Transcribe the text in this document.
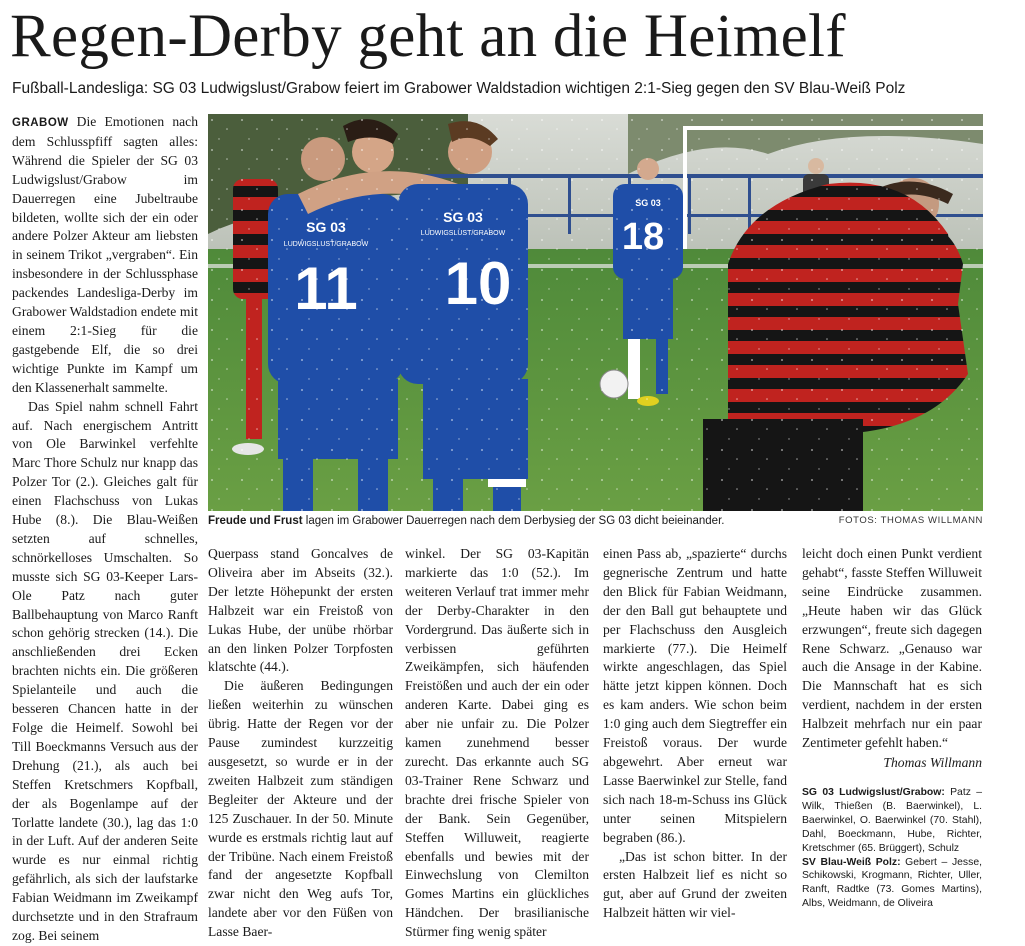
Regen-Derby geht an die Heimelf
Fußball-Landesliga: SG 03 Ludwigslust/Grabow feiert im Grabower Waldstadion wichtigen 2:1-Sieg gegen den SV Blau-Weiß Polz

GRABOW Die Emotionen nach dem Schlusspfiff sagten alles: Während die Spieler der SG 03 Ludwigslust/Grabow im Dauerregen eine Jubeltraube bildeten, wollte sich der ein oder andere Polzer Akteur am liebsten in seinem Trikot „vergraben“. Ein insbesondere in der Schlussphase packendes Landesliga-Derby im Grabower Waldstadion endete mit einem 2:1-Sieg für die gastgebende Elf, die so drei wichtige Punkte im Kampf um den Klassenerhalt sammelte.

Das Spiel nahm schnell Fahrt auf. Nach energischem Antritt von Ole Barwinkel verfehlte Marc Thore Schulz nur knapp das Polzer Tor (2.). Gleiches galt für einen Flachschuss von Lukas Hube (8.). Die Blau-Weißen setzten auf schnelles, schnörkelloses Umschalten. So musste sich SG 03-Keeper Lars-Ole Patz nach guter Ballbehauptung von Marco Ranft schon gehörig strecken (14.). Die anschließenden drei Ecken brachten nichts ein. Die größeren Spielanteile und auch die besseren Chancen hatte in der Folge die Heimelf. Sowohl bei Till Boeckmanns Versuch aus der Drehung (21.), als auch bei Steffen Kretschmers Kopfball, der als Bogenlampe auf der Torlatte landete (30.), lag das 1:0 in der Luft. Auf der anderen Seite wurde es nur einmal richtig gefährlich, als sich der laufstarke Fabian Weidmann im Zweikampf durchsetzte und in den Strafraum zog. Bei seinem

Freude und Frust lagen im Grabower Dauerregen nach dem Derbysieg der SG 03 dicht beieinander.	FOTOS: THOMAS WILLMANN

Querpass stand Goncalves de Oliveira aber im Abseits (32.). Der letzte Höhepunkt der ersten Halbzeit war ein Freistoß von Lukas Hube, der unübe rhörbar an den linken Polzer Torpfosten klatschte (44.).

Die äußeren Bedingungen ließen weiterhin zu wünschen übrig. Hatte der Regen vor der Pause zumindest kurzzeitig ausgesetzt, so wurde er in der zweiten Halbzeit zum ständigen Begleiter der Akteure und der 125 Zuschauer. In der 50. Minute wurde es erstmals richtig laut auf der Tribüne. Nach einem Freistoß fand der angesetzte Kopfball zwar nicht den Weg aufs Tor, landete aber vor den Füßen von Lasse Baer-

winkel. Der SG 03-Kapitän markierte das 1:0 (52.). Im weiteren Verlauf trat immer mehr der Derby-Charakter in den Vordergrund. Das äußerte sich in verbissen geführten Zweikämpfen, sich häufenden Freistößen und auch der ein oder anderen Karte. Dabei ging es aber nie unfair zu. Die Polzer kamen zunehmend besser zurecht. Das erkannte auch SG 03-Trainer Rene Schwarz und brachte drei frische Spieler von der Bank. Sein Gegenüber, Steffen Willuweit, reagierte ebenfalls und bewies mit der Einwechslung von Clemilton Gomes Martins ein glückliches Händchen. Der brasilianische Stürmer fing wenig später

einen Pass ab, „spazierte“ durchs gegnerische Zentrum und hatte den Blick für Fabian Weidmann, der den Ball gut behauptete und per Flachschuss den Ausgleich markierte (77.). Die Heimelf wirkte angeschlagen, das Spiel hätte jetzt kippen können. Doch es kam anders. Wie schon beim 1:0 ging auch dem Siegtreffer ein Freistoß voraus. Der wurde abgewehrt. Aber erneut war Lasse Baerwinkel zur Stelle, fand sich nach 18-m-Schuss ins Glück unter seinen Mitspielern begraben (86.).

„Das ist schon bitter. In der ersten Halbzeit lief es nicht so gut, aber auf Grund der zweiten Halbzeit hätten wir viel-

leicht doch einen Punkt verdient gehabt“, fasste Steffen Willuweit seine Eindrücke zusammen. „Heute haben wir das Glück erzwungen“, freute sich dagegen Rene Schwarz. „Genauso war auch die Ansage in der Kabine. Die Mannschaft hat es sich verdient, nachdem in der ersten Halbzeit mehrfach nur ein paar Zentimeter gefehlt haben.“

Thomas Willmann

SG 03 Ludwigslust/Grabow: Patz – Wilk, Thießen (B. Baerwinkel), L. Baerwinkel, O. Baerwinkel (70. Stahl), Dahl, Boeckmann, Hube, Richter, Kretschmer (65. Brüggert), Schulz

SV Blau-Weiß Polz: Gebert – Jesse, Schikowski, Krogmann, Richter, Uller, Ranft, Radtke (73. Gomes Martins), Albs, Weidmann, de Oliveira
